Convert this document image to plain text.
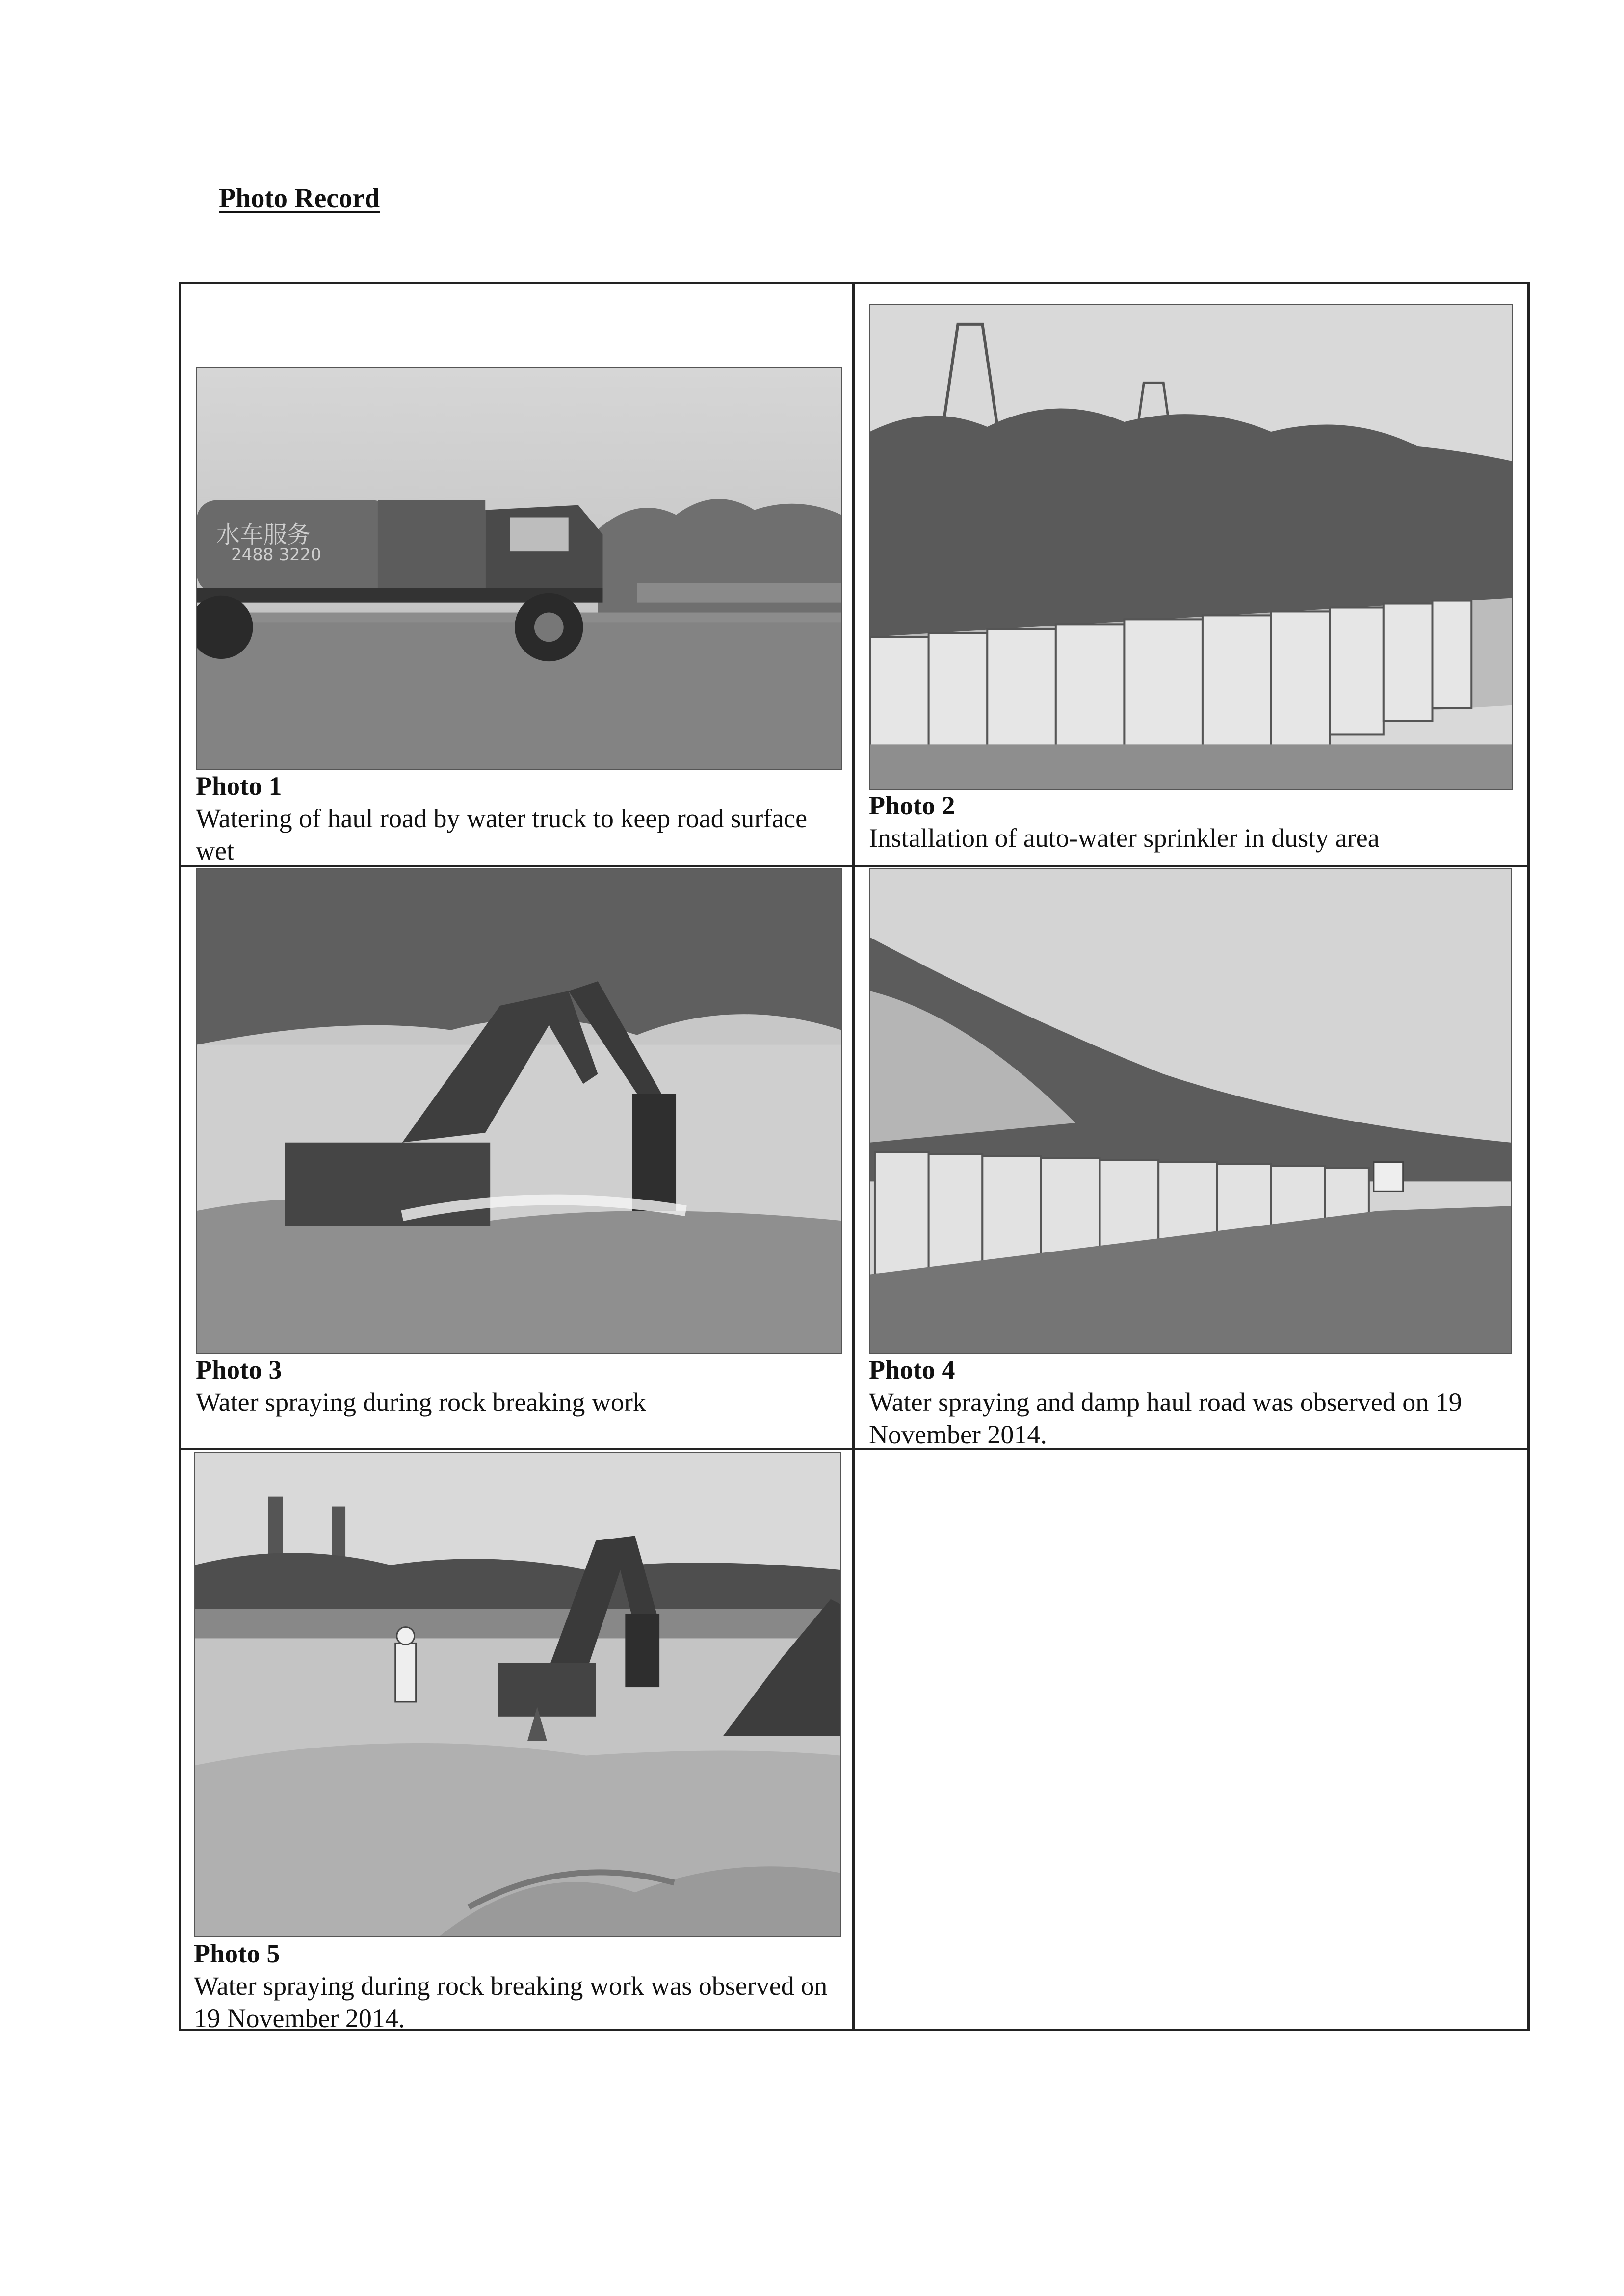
Photo Record
水车服务
2488 3220
Photo 1
Watering of haul road by water truck to keep road surface wet
Photo 2
Installation of auto-water sprinkler in dusty area
Photo 3
Water spraying during rock breaking work
Photo 4
Water spraying and damp haul road was observed on 19 November 2014.
Photo 5
Water spraying during rock breaking work was observed on 19 November 2014.
